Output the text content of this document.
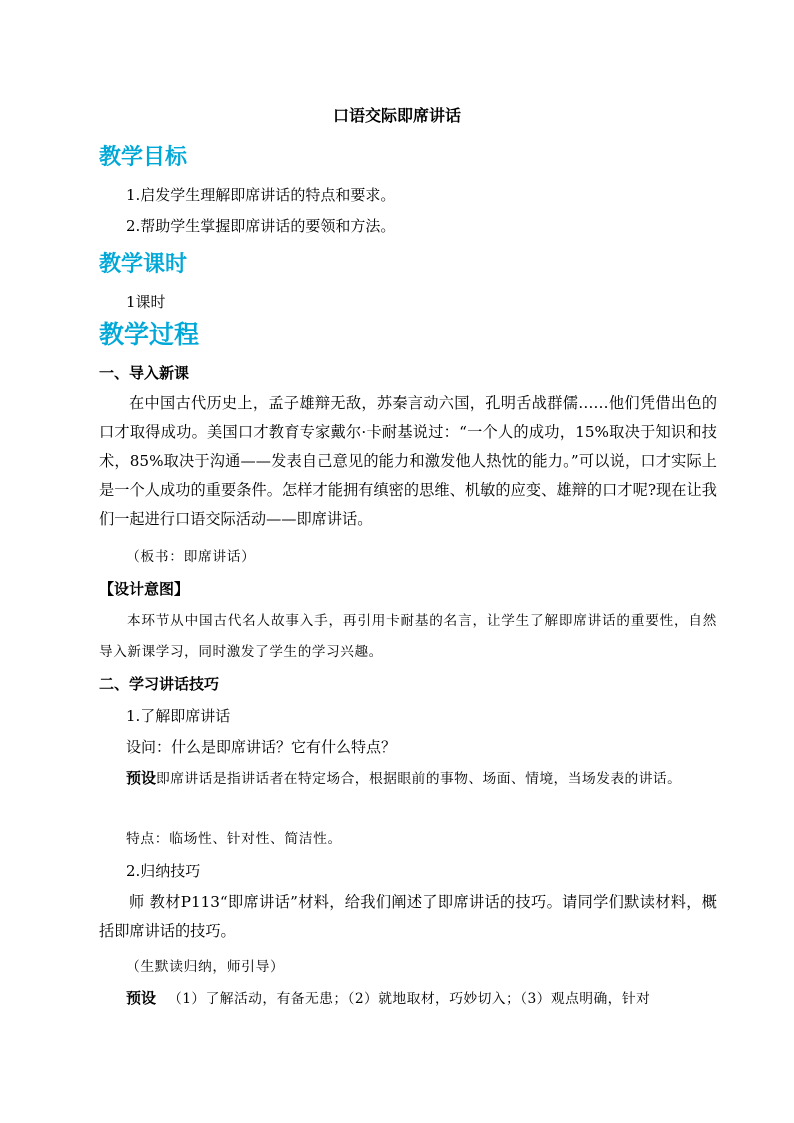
口语交际即席讲话
教学目标
1.启发学生理解即席讲话的特点和要求。
2.帮助学生掌握即席讲话的要领和方法。
教学课时
1课时
教学过程
一、导入新课
在中国古代历史上，孟子雄辩无敌，苏秦言动六国，孔明舌战群儒……他们凭借出色的口才取得成功。美国口才教育专家戴尔·卡耐基说过：“一个人的成功，15%取决于知识和技术，85%取决于沟通——发表自己意见的能力和激发他人热忱的能力。”可以说，口才实际上是一个人成功的重要条件。怎样才能拥有缜密的思维、机敏的应变、雄辩的口才呢?现在让我们一起进行口语交际活动——即席讲话。
（板书：即席讲话）
【设计意图】
本环节从中国古代名人故事入手，再引用卡耐基的名言，让学生了解即席讲话的重要性，自然导入新课学习，同时激发了学生的学习兴趣。
二、学习讲话技巧
1.了解即席讲话
设问：什么是即席讲话？它有什么特点？
预设即席讲话是指讲话者在特定场合，根据眼前的事物、场面、情境，当场发表的讲话。
特点：临场性、针对性、简洁性。
2.归纳技巧
师 教材P113“即席讲话”材料，给我们阐述了即席讲话的技巧。请同学们默读材料，概括即席讲话的技巧。
（生默读归纳，师引导）
预设 （1）了解活动，有备无患；（2）就地取材，巧妙切入；（3）观点明确，针对
